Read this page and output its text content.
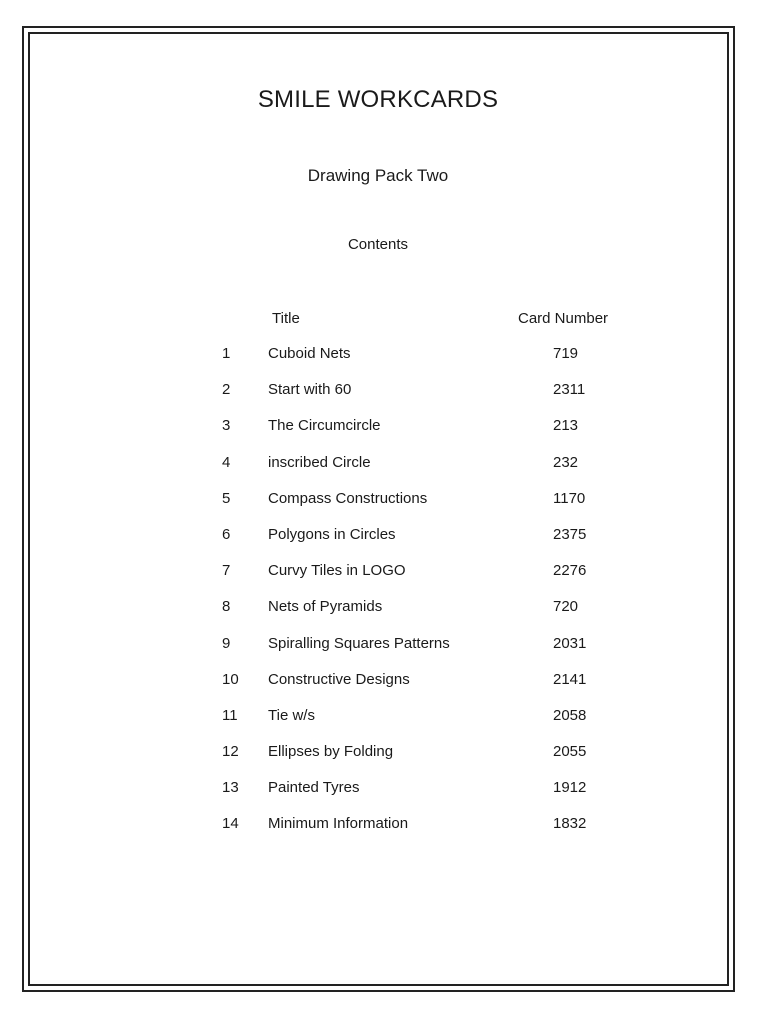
SMILE WORKCARDS
Drawing Pack Two
Contents
Title	Card Number
1	Cuboid Nets	719
2	Start with 60	2311
3	The Circumcircle	213
4	inscribed Circle	232
5	Compass Constructions	1170
6	Polygons in Circles	2375
7	Curvy Tiles in LOGO	2276
8	Nets of Pyramids	720
9	Spiralling Squares Patterns	2031
10	Constructive Designs	2141
11	Tie w/s	2058
12	Ellipses by Folding	2055
13	Painted Tyres	1912
14	Minimum Information	1832
